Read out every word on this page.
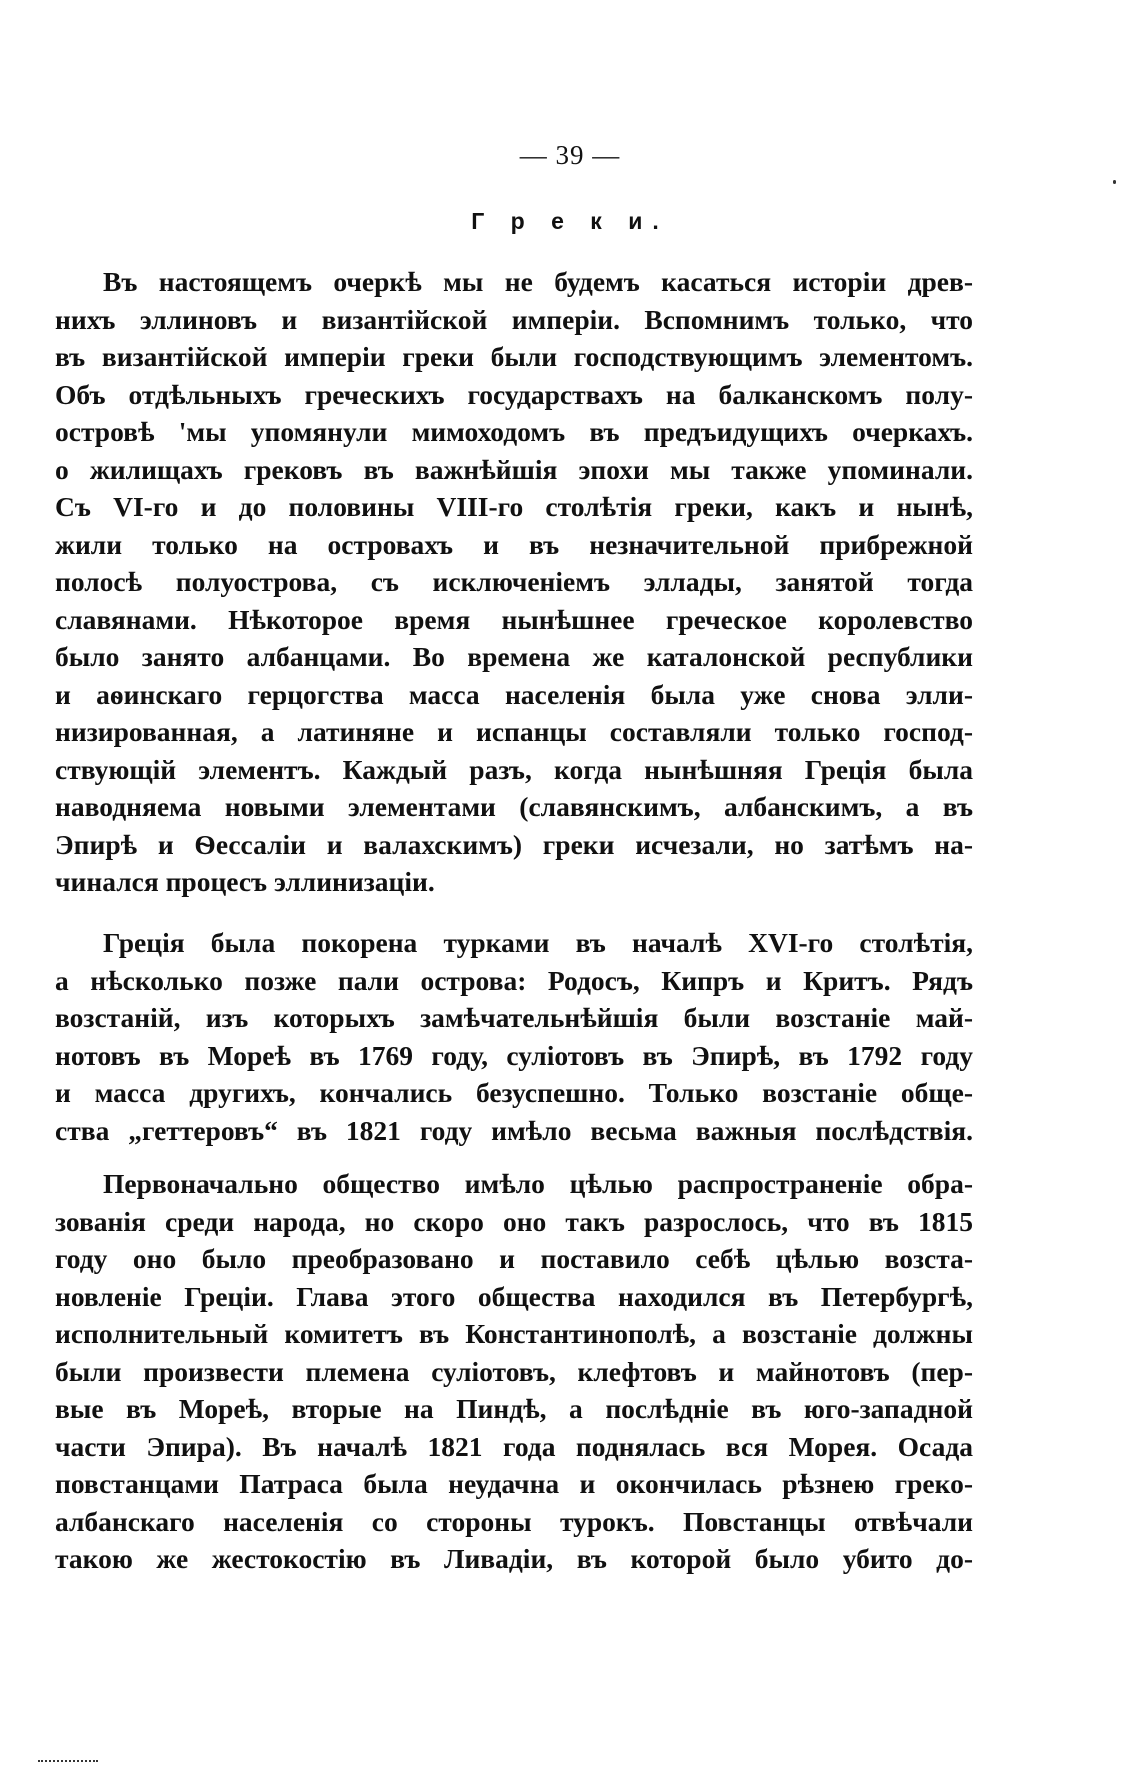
— 39 —
Г р е к и.
Въ настоящемъ очеркѣ мы не будемъ касаться исторіи древ-
нихъ эллиновъ и византійской имперіи. Вспомнимъ только, что
въ византійской имперіи греки были господствующимъ элементомъ.
Объ отдѣльныхъ греческихъ государствахъ на балканскомъ полу-
островѣ 'мы упомянули мимоходомъ въ предъидущихъ очеркахъ.
о жилищахъ грековъ въ важнѣйшія эпохи мы также упоминали.
Съ VI-го и до половины VIII-го столѣтія греки, какъ и нынѣ,
жили только на островахъ и въ незначительной прибрежной
полосѣ полуострова, съ исключеніемъ эллады, занятой тогда
славянами. Нѣкоторое время нынѣшнее греческое королевство
было занято албанцами. Во времена же каталонской республики
и аѳинскаго герцогства масса населенія была уже снова элли-
низированная, а латиняне и испанцы составляли только господ-
ствующій элементъ. Каждый разъ, когда нынѣшняя Греція была
наводняема новыми элементами (славянскимъ, албанскимъ, а въ
Эпирѣ и Ѳессаліи и валахскимъ) греки исчезали, но затѣмъ на-
чинался процесъ эллинизаціи.
Греція была покорена турками въ началѣ XVI-го столѣтія,
а нѣсколько позже пали острова: Родосъ, Кипръ и Критъ. Рядъ
возстаній, изъ которыхъ замѣчательнѣйшія были возстаніе май-
нотовъ въ Мореѣ въ 1769 году, суліотовъ въ Эпирѣ, въ 1792 году
и масса другихъ, кончались безуспешно. Только возстаніе обще-
ства „геттеровъ“ въ 1821 году имѣло весьма важныя послѣдствія.
Первоначально общество имѣло цѣлью распространеніе обра-
зованія среди народа, но скоро оно такъ разрослось, что въ 1815
году оно было преобразовано и поставило себѣ цѣлью возста-
новленіе Греціи. Глава этого общества находился въ Петербургѣ,
исполнительный комитетъ въ Константинополѣ, а возстаніе должны
были произвести племена суліотовъ, клефтовъ и майнотовъ (пер-
вые въ Мореѣ, вторые на Пиндѣ, а послѣдніе въ юго-западной
части Эпира). Въ началѣ 1821 года поднялась вся Морея. Осада
повстанцами Патраса была неудачна и окончилась рѣзнею греко-
албанскаго населенія со стороны турокъ. Повстанцы отвѣчали
такою же жестокостію въ Ливадіи, въ которой было убито до-
